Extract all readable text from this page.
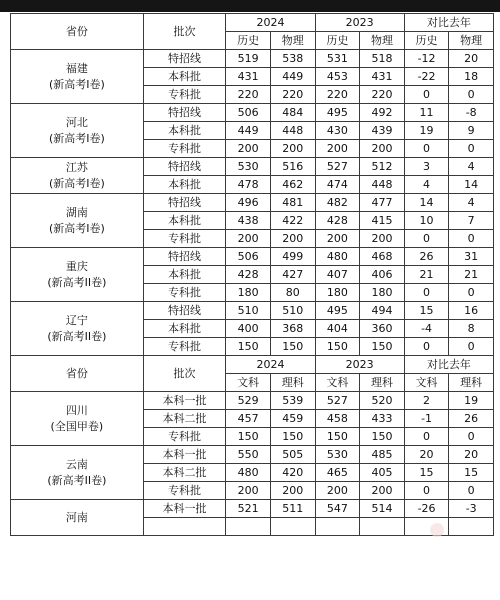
省份	批次	2024		2023		对比去年	
		历史	物理	历史	物理	历史	物理

福建
(新高考I卷)	特招线	519	538	531	518	-12	20
	本科批	431	449	453	431	-22	18
	专科批	220	220	220	220	0	0

河北
(新高考I卷)	特招线	506	484	495	492	11	-8
	本科批	449	448	430	439	19	9
	专科批	200	200	200	200	0	0

江苏
(新高考I卷)	特招线	530	516	527	512	3	4
	本科批	478	462	474	448	4	14

湖南
(新高考I卷)	特招线	496	481	482	477	14	4
	本科批	438	422	428	415	10	7
	专科批	200	200	200	200	0	0

重庆
(新高考II卷)	特招线	506	499	480	468	26	31
	本科批	428	427	407	406	21	21
	专科批	180	80	180	180	0	0

辽宁
(新高考II卷)	特招线	510	510	495	494	15	16
	本科批	400	368	404	360	-4	8
	专科批	150	150	150	150	0	0
省份	批次	2024		2023		对比去年	
		文科	理科	文科	理科	文科	理科

四川
(全国甲卷)	本科一批	529	539	527	520	2	19
	本科二批	457	459	458	433	-1	26
	专科批	150	150	150	150	0	0

云南
(新高考II卷)	本科一批	550	505	530	485	20	20
	本科二批	480	420	465	405	15	15
	专科批	200	200	200	200	0	0

河南	本科一批	521	511	547	514	-26	-3
